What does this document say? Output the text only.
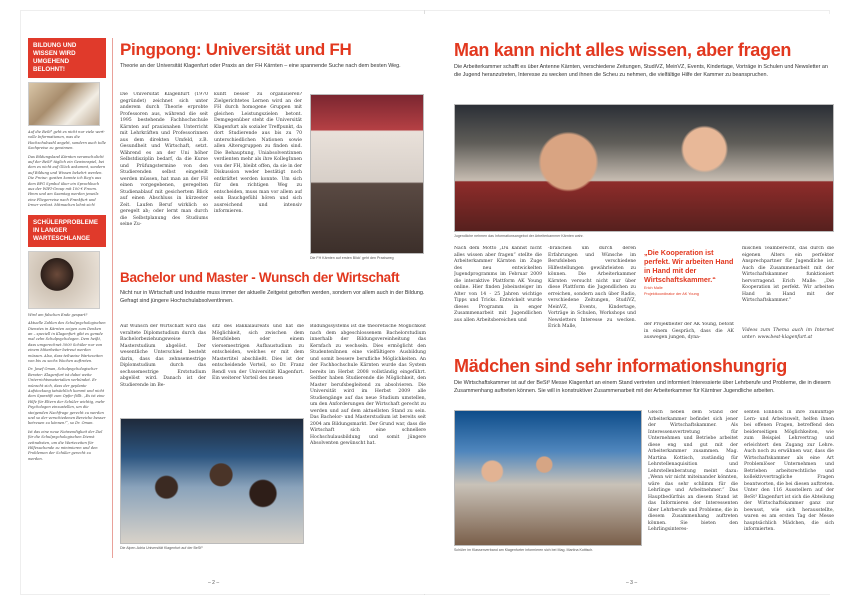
BILDUNG UND WISSEN WIRD UMGEHEND BELOHNT!

Auf die BeSt³ geht es nicht nur viele wert-volle Informationen, was die Hochschulwahl angeht, sondern auch tolle Sachpreise zu gewinnen.

Das Bildungsland Kärnten veranschulicht auf der BeSt³ täglich ein Gewinnspiel, bei dem es nicht auf Glück ankommt, sondern auf Bildung und Wissen bekehrt werden. Die Preise: gesiten konnte ich Reg's aus dem BFG Symbol über ein Sprachbuch aus der WIFI-Group mit 100 € Freem. Hmm und am Saamtag werden jeweils eine Fliegerreise nach Frankfurt und Irmer verlost. Mitmachen lohnt sich!

SCHÜLERPROBLEME IN LANGER WARTESCHLANGE

Wird am falschen Ende gespart?

Aktuelle Zahlen des Schulpsychologischen Dienstes in Kärnten zeigen zum Denken an – speziell in Klagenfurt gibt es gerade mal zehn Schulpsychologen. Dem heißt, dass umgerechnet 5000 Schüler nur von einem Mitarbeiter betreut werden müssen. Also, dass teilweise Wartezeiten von bis zu sechs Wochen auftreten.

Dr. Josef Oman, Schulpsychologischer Berater: Klagenfurt ist dabei weite Unterrichtsmaterialien verbündet. Er wünscht sich, dass der geplante Aufstockung tatsächlich kommt und nicht dem Sparstift zum Opfer fällt. „Es ist eine Hilfe für Eltern der Schüler wichtig, mehr Psychologen einzustellen, um die steigenden Nachfrage gerecht zu werden und so der verschiedenen Bereiche besser betreuen zu können!“, so Dr. Oman.

Ist das eine neue Notwendigkeit der Ziel für die Schulpsychologischen Dienst zeitnahsten, um die Wartezeiten für Hilfesuchende zu minimieren und den Problemen der Schüler gerecht zu werden.

Pingpong: Universität und FH
Theorie an der Universität Klagenfurt oder Praxis an der FH Kärnten – eine spannende Suche nach dem besten Weg.
Die Universität Klagenfurt (1970 gegründet) zeichnet sich unter anderem durch Theorie erprobte Professoren aus, während die seit 1995 bestehende Fachhochschule Kärnten auf praxisnahen Unterricht mit Lehrkräften und Professorinnen aus dem direkten Umfeld, z.B. Gesundheit und Wirtschaft, setzt. Während es an der Uni höher Selbstdisziplin bedarf, da die Kurse und Prüfungstermine von den Studierenden selbst eingeteilt werden müssen, hat man an der FH einen vorgegebenen, geregelten Studienablauf mit gesichertem Blick auf einen Abschluss in kürzester Zeit. Laufen Beruf wirklich so geregelt ab; oder lernt man durch die Selbstplanung des Studiums seine Zu-
kunft besser zu organisieren? Zielgerichtetes Lernen wird an der FH durch homogene Gruppen mit gleichen Leistungszielen betont. Demgegenüber steht die Universität Klagenfurt als sozialer Treffpunkt, da dort Studierende aus bis zu 70 unterschiedlichen Nationen sowie allen Altersgruppen zu finden sind. Die Behauptung, Uniabsolventinnen verdienten mehr als ihre KollegInnen von der FH, bleibt offen, da sie in der Diskussion weder bestätigt noch entkräftet werden konnte. Um sich für den richtigen Weg zu entscheiden, muss man vor allem auf sein Bauchgefühl hören und sich ausreichend und intensiv informieren.
Die FH Kärnten auf ersten Blick' geht den Praxisweg
Bachelor und Master - Wunsch der Wirtschaft
Nicht nur in Wirtschaft und Industrie muss immer der aktuelle Zeitgeist getroffen werden, sondern vor allem auch in der Bildung. Gefragt sind jüngere HochschulabsolventInnen.
Auf Wunsch der Wirtschaft wird das veraltete Diplomstudium durch das Bachelorbeziehungsweise Masterstudium abgelöst. Der wesentliche Unterschied besteht darin, dass das zehnsemestrige Diplomstudium durch das sechssemestrige Erststudium abgelöst wird. Danach ist der Studierende im Be-
sitz des Bakkalaureats und hat die Möglichkeit, sich zwischen dem Berufsleben oder einem viersemestrigen Aufbaustudium zu entscheiden, welches er mit dem Mastertitel abschließt. Dies ist der entscheidende Vorteil, so Dr. Franz Rendl von der Universität Klagenfurt. Ein weiterer Vorteil des neuen
Bildungssystems ist die theoretische Möglichkeit nach dem abgeschlossenem Bachelorstudium innerhalb der Bildungsvereinheitung das Kernfach zu wechseln. Dies ermöglicht den StudentenInnen eine vielfältigere Ausbildung und somit bessere berufliche Möglichkeiten. An der Fachhochschule Kärnten wurde das System bereits im Herbst 2008 vollständig eingeführt. Seither haben Studierende die Möglichkeit, den Master berufsbegleitend zu absolvieren. Die Universität wird im Herbst 2009 alle Studiengänge auf das neue Studium umstellen, um den Anforderungen der Wirtschaft gerecht zu werden und auf dem aktuellsten Stand zu sein. Das Bachelor- und Masterstudium ist bereits seit 2004 am Bildungsmarkt. Der Grund war, dass die Wirtschaft sich eine schnellere Hochschulausbildung und somit jüngere Absolventen gewünscht hat.
Die Alpen-Adria Universität Klagenfurt auf der BeSt³
– 2 –
Man kann nicht alles wissen, aber fragen
Die Arbeiterkammer schafft es über Antenne Kärnten, verschiedene Zeitungen, StudiVZ, MeinVZ, Events, Kindertage, Vorträge in Schulen und Newsletter an die Jugend heranzutreten, Interesse zu wecken und ihnen die Scheu zu nehmen, die vielfältige Hilfe der Kammer zu beanspruchen.
Jugendliche nehmen das Informationsangebot der Arbeiterkammer Kärnten wahr.
Nach dem Motto „Du kannst nicht alles wissen aber fragen“ stellte die Arbeiterkammer Kärnten im Zuge des neu entwickelten Jugendprogramms im Februar 2009 die interaktive Plattform AK Young online. Hier finden Jobeinsteiger im Alter von 14 - 25 Jahren wichtige Tipps und Tricks. Entwickelt wurde dieses Programm in enger Zusammenarbeit mit Jugendlichen aus allen Arbeitsbereichen und
-branchen um durch deren Erfahrungen und Wünsche im Berufsleben verschiedene Hilfestellungen gewährleisten zu können. Die Arbeiterkammer Kärnten versucht nicht nur über diese Plattform die Jugendlichen zu erreichen, sondern auch über Radio, verschiedene Zeitungen, StudiVZ, MeinVZ, Events, Kindertage, Vorträge in Schulen, Workshops und Newsletters Interesse zu wecken. Erich Malle,
„Die Kooperation ist perfekt. Wir arbeiten Hand in Hand mit der Wirtschaftskammer.“
Erich Malle
Projektkoordinator der AK Young
der Projektleiter der AK Young, betont in einem Gespräch, dass die AK auswegen jungen, dyna-
mischen Teamberecht, das durch die eigenen Alters ein perfekter Ansprechpartner für Jugendliche ist. Auch die Zusammenarbeit mit der Wirtschaftskammer funktioniert hervorragend. Erich Malle: „Die Kooperation ist perfekt. Wir arbeiten Hand in Hand mit der Wirtschaftskammer.“
Videos zum Thema auch im Internet unter: www.best-klagenfurt.at
Mädchen sind sehr informationshungrig
Die Wirtschaftskammer ist auf der BeSt³ Messe Klagenfurt an einem Stand vertreten und informiert Interessierte über Lehrberufe und Probleme, die in diesem Zusammenhang auftreten können. Sie will in konstruktiver Zusammenarbeit mit der Arbeiterkammer für Kärntner Jugendliche arbeiten.
Schüler im Klassenverband am Klagenfurter informieren sich bei Mag. Martina Kottisch.
Gleich neben dem Stand der Arbeiterkammer befindet sich jener der Wirtschaftskammer. Als Interessensvertretung für Unternehmen und Betriebe arbeitet diese eng und gut mit der Arbeiterkammer zusammen. Mag. Martina Kottisch, zuständig für Lehrstellenaquisition und Lehrstellenberatung meint dazu: „Wenn wir nicht miteinander könnten, wäre das sehr schlimm für die Lehrlinge und Arbeitnehmer.“ Das Hauptbedürfnis an diesem Stand ist das Informieren der Interessenten über Lehrberufe und Probleme, die in diesem Zusammenhang auftreten können. Sie bieten den Lehrlingsinteres-
senten Einblick in ihre zukünftige Lern- und Arbeitswelt, helfen ihnen bei offenen Fragen, betreffend den beiderseitigen Möglichkeiten, wie zum Beispiel Lehrvertrag und erleichtert den Zugang zur Lehre. Auch noch zu erwähnen war, dass die Wirtschaftskammer als eine Art Problemlöser Unternehmen und Betrieben arbeitsrechtliche und kollektivvertragliche Fragen beantworten, die bei diesen auftreten. Unter den 116 Ausstellern auf der BeSt³ Klagenfurt ist sich die Abteilung der Wirtschaftskammer ganz zur bewusst, wie sich herausstellte, waren es am ersten Tag der Messe hauptsächlich Mädchen, die sich informierten.
– 3 –
